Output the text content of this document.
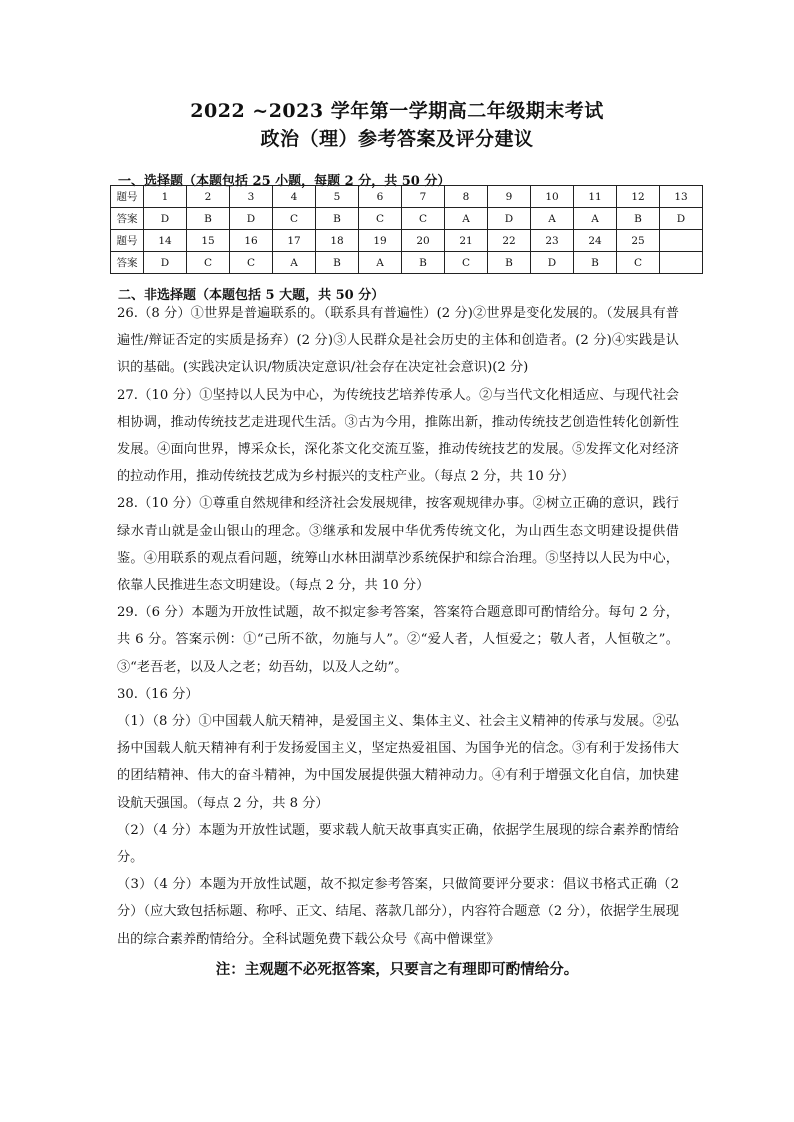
2022 ~2023 学年第一学期高二年级期末考试
政治（理）参考答案及评分建议
一、选择题（本题包括 25 小题，每题 2 分，共 50 分）
题号	1	2	3	4	5	6	7	8	9	10	11	12	13
答案	D	B	D	C	B	C	C	A	D	A	A	B	D
题号	14	15	16	17	18	19	20	21	22	23	24	25	
答案	D	C	C	A	B	A	B	C	B	D	B	C	
二、非选择题（本题包括 5 大题，共 50 分）

26.（8 分）①世界是普遍联系的。（联系具有普遍性）(2 分)②世界是变化发展的。（发展具有普遍性/辩证否定的实质是扬弃）(2 分)③人民群众是社会历史的主体和创造者。(2 分)④实践是认识的基础。(实践决定认识/物质决定意识/社会存在决定社会意识)(2 分)

27.（10 分）①坚持以人民为中心，为传统技艺培养传承人。②与当代文化相适应、与现代社会相协调，推动传统技艺走进现代生活。③古为今用，推陈出新，推动传统技艺创造性转化创新性发展。④面向世界，博采众长，深化茶文化交流互鉴，推动传统技艺的发展。⑤发挥文化对经济的拉动作用，推动传统技艺成为乡村振兴的支柱产业。（每点 2 分，共 10 分）

28.（10 分）①尊重自然规律和经济社会发展规律，按客观规律办事。②树立正确的意识，践行绿水青山就是金山银山的理念。③继承和发展中华优秀传统文化，为山西生态文明建设提供借鉴。④用联系的观点看问题，统筹山水林田湖草沙系统保护和综合治理。⑤坚持以人民为中心，依靠人民推进生态文明建设。（每点 2 分，共 10 分）

29.（6 分）本题为开放性试题，故不拟定参考答案，答案符合题意即可酌情给分。每句 2 分，共 6 分。答案示例：①“己所不欲，勿施与人”。②“爱人者，人恒爱之；敬人者，人恒敬之”。③“老吾老，以及人之老；幼吾幼，以及人之幼”。

30.（16 分）

（1）（8 分）①中国载人航天精神，是爱国主义、集体主义、社会主义精神的传承与发展。②弘扬中国载人航天精神有利于发扬爱国主义，坚定热爱祖国、为国争光的信念。③有利于发扬伟大的团结精神、伟大的奋斗精神，为中国发展提供强大精神动力。④有利于增强文化自信，加快建设航天强国。（每点 2 分，共 8 分）

（2）（4 分）本题为开放性试题，要求载人航天故事真实正确，依据学生展现的综合素养酌情给分。

（3）（4 分）本题为开放性试题，故不拟定参考答案，只做简要评分要求：倡议书格式正确（2 分）（应大致包括标题、称呼、正文、结尾、落款几部分），内容符合题意（2 分），依据学生展现出的综合素养酌情给分。全科试题免费下载公众号《高中僧课堂》

注：主观题不必死抠答案，只要言之有理即可酌情给分。
